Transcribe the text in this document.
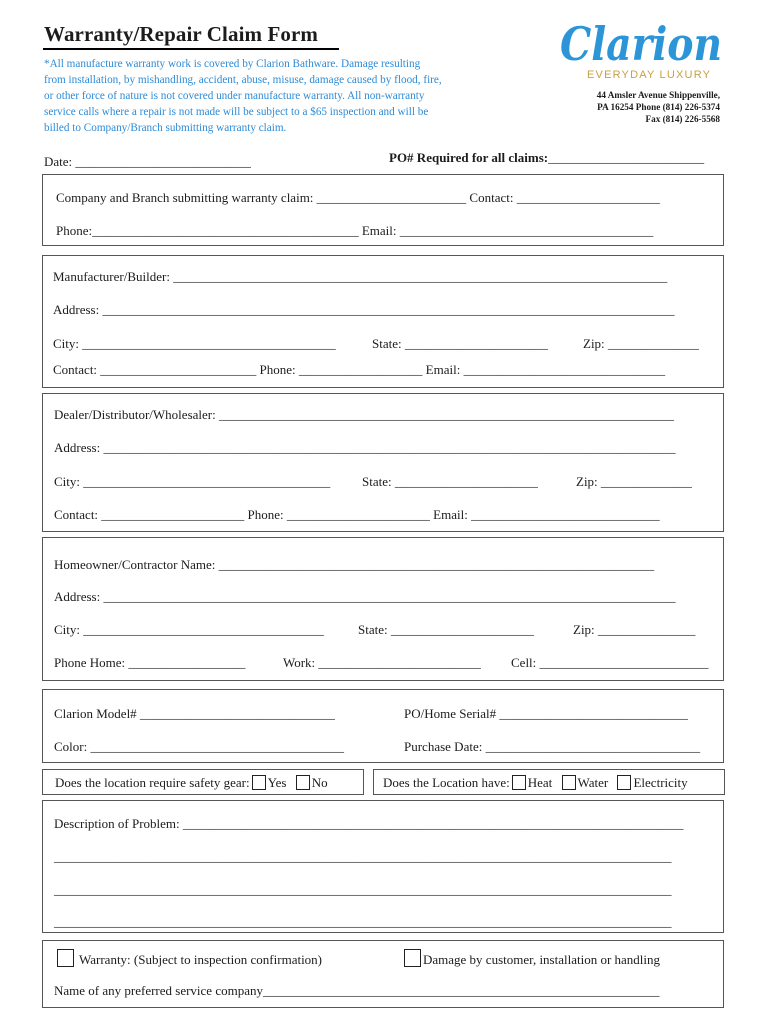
Warranty/Repair Claim Form
*All manufacture warranty work is covered by Clarion Bathware. Damage resulting
from installation, by mishandling, accident, abuse, misuse, damage caused by flood, fire,
or other force of nature is not covered under manufacture warranty. All non-warranty
service calls where a repair is not made will be subject to a $65 inspection and will be
billed to Company/Branch submitting warranty claim.
Clarion
EVERYDAY LUXURY
44 Amsler Avenue Shippenville,
PA 16254 Phone (814) 226-5374
Fax (814) 226-5568
Date: ___________________________	PO# Required for all claims:________________________
Company and Branch submitting warranty claim: _______________________ Contact: ______________________
Phone:_________________________________________ Email: _______________________________________
Manufacturer/Builder: ____________________________________________________________________________
Address: ________________________________________________________________________________________
City: _______________________________________	State: ______________________	Zip: ______________
Contact: ________________________ Phone: ___________________ Email: _______________________________
Dealer/Distributor/Wholesaler: ______________________________________________________________________
Address: ________________________________________________________________________________________
City: ______________________________________ State: ______________________	Zip: ______________
Contact: ______________________ Phone: ______________________ Email: _____________________________
Homeowner/Contractor Name: ___________________________________________________________________
Address: ________________________________________________________________________________________
City: _____________________________________	State: ______________________	Zip: _______________
Phone Home: __________________	Work: _________________________ Cell: __________________________
Clarion Model# ______________________________	PO/Home Serial# _____________________________
Color: _______________________________________	Purchase Date: _________________________________
Does the location require safety gear: Yes No	Does the Location have: Heat Water Electricity
Description of Problem: _____________________________________________________________________________
_______________________________________________________________________________________________
_______________________________________________________________________________________________
_______________________________________________________________________________________________
Warranty: (Subject to inspection confirmation)	Damage by customer, installation or handling
Name of any preferred service company_____________________________________________________________
